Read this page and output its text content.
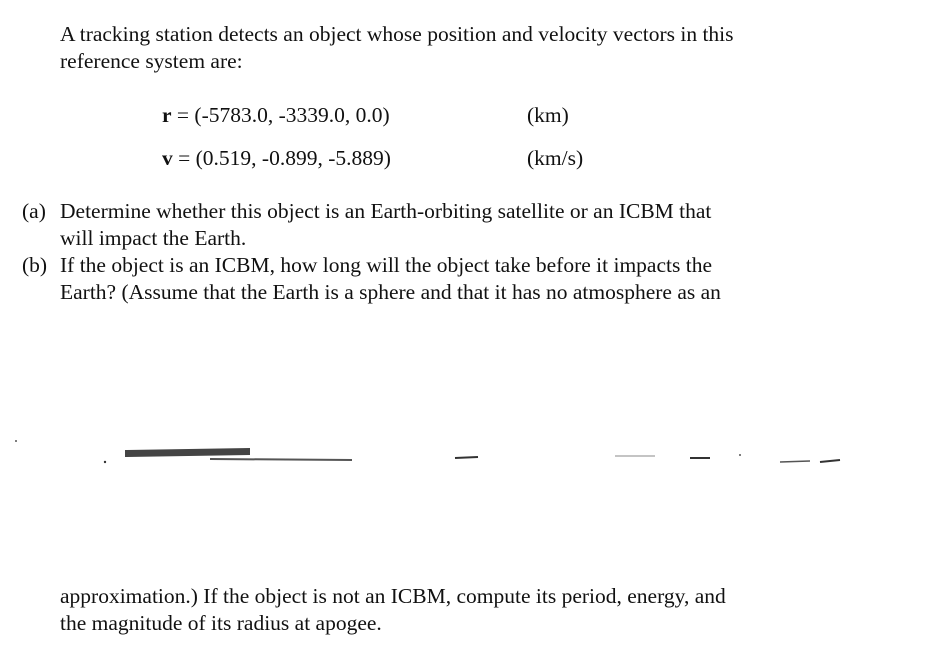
A tracking station detects an object whose position and velocity vectors in this
reference system are:
r = (-5783.0, -3339.0, 0.0)	(km)
v = (0.519, -0.899, -5.889)	(km/s)
(a) Determine whether this object is an Earth-orbiting satellite or an ICBM that
will impact the Earth.
(b) If the object is an ICBM, how long will the object take before it impacts the
Earth? (Assume that the Earth is a sphere and that it has no atmosphere as an
approximation.) If the object is not an ICBM, compute its period, energy, and
the magnitude of its radius at apogee.
